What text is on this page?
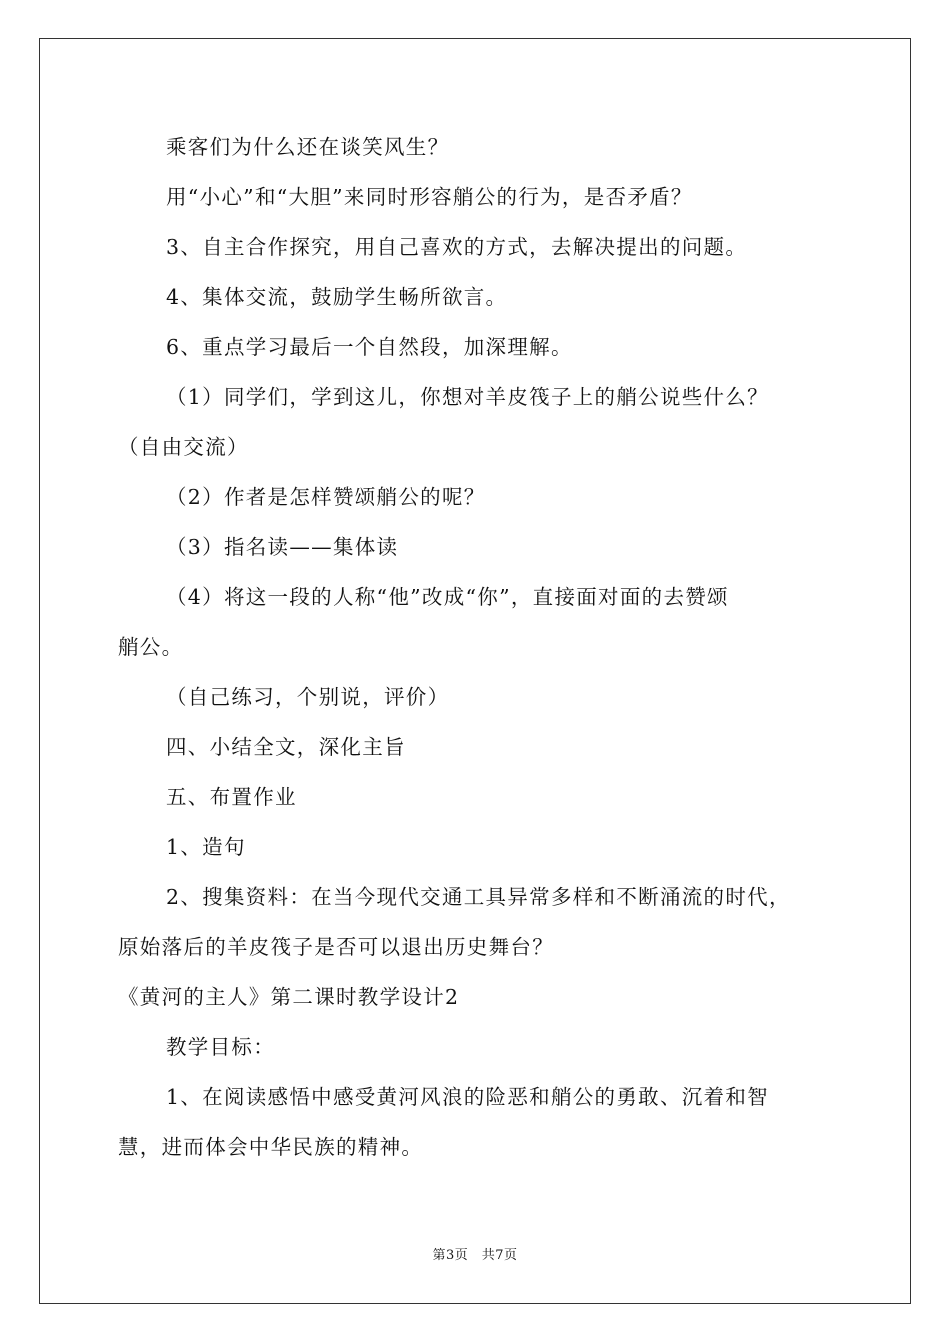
乘客们为什么还在谈笑风生？
用“小心”和“大胆”来同时形容艄公的行为，是否矛盾？
3、自主合作探究，用自己喜欢的方式，去解决提出的问题。
4、集体交流，鼓励学生畅所欲言。
6、重点学习最后一个自然段，加深理解。
（1）同学们，学到这儿，你想对羊皮筏子上的艄公说些什么？
（自由交流）
（2）作者是怎样赞颂艄公的呢？
（3）指名读——集体读
（4）将这一段的人称“他”改成“你”，直接面对面的去赞颂
艄公。
（自己练习，个别说，评价）
四、小结全文，深化主旨
五、布置作业
1、造句
2、搜集资料：在当今现代交通工具异常多样和不断涌流的时代，
原始落后的羊皮筏子是否可以退出历史舞台？
《黄河的主人》第二课时教学设计2
教学目标：
1、在阅读感悟中感受黄河风浪的险恶和艄公的勇敢、沉着和智
慧，进而体会中华民族的精神。
第3页　共7页
